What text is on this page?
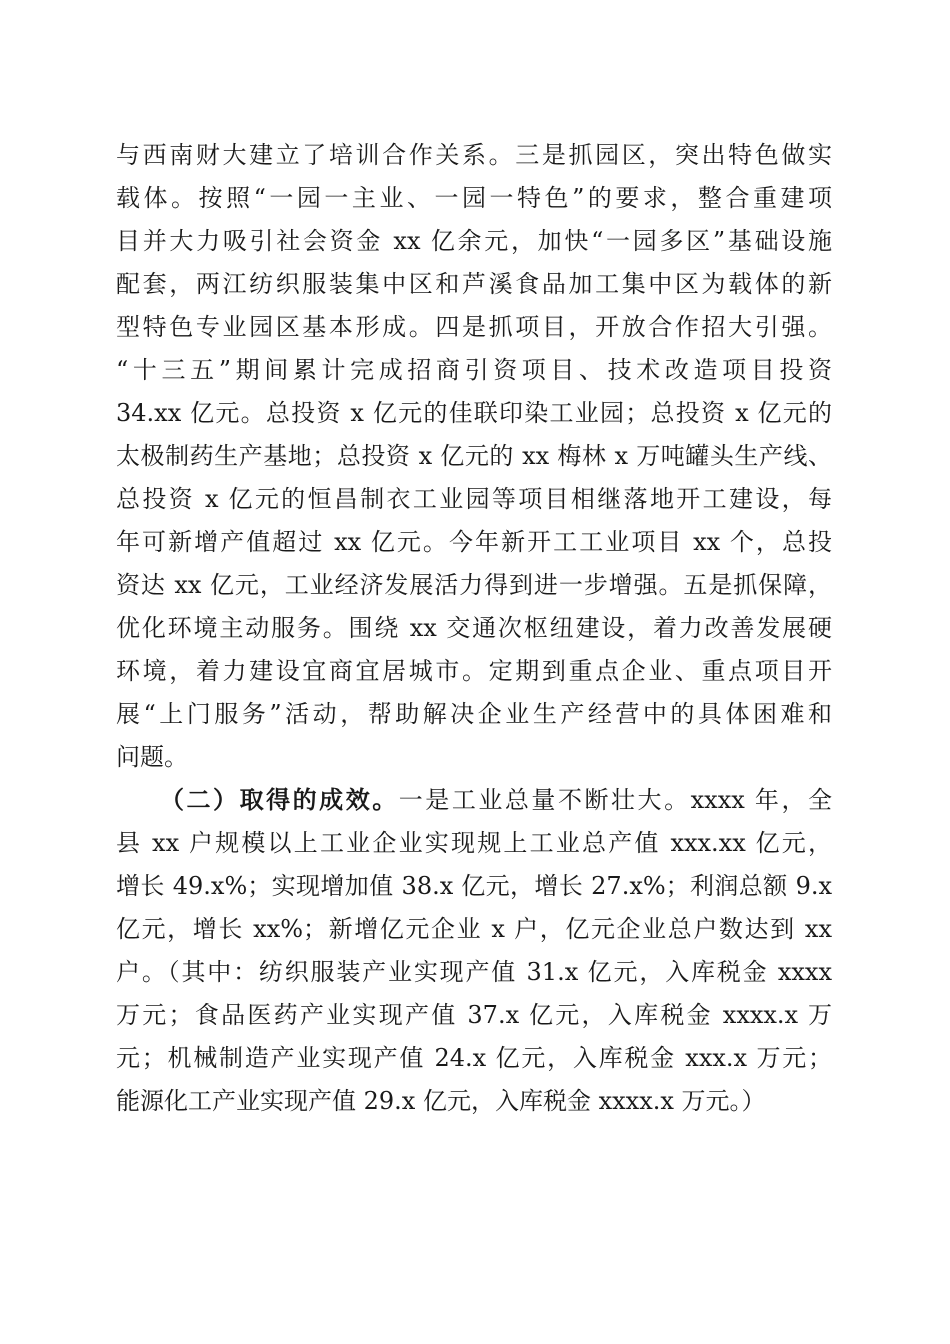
与西南财大建立了培训合作关系。三是抓园区，突出特色做实
载体。按照“一园一主业、一园一特色”的要求，整合重建项
目并大力吸引社会资金 xx 亿余元，加快“一园多区”基础设施
配套，两江纺织服装集中区和芦溪食品加工集中区为载体的新
型特色专业园区基本形成。四是抓项目，开放合作招大引强。
“十三五”期间累计完成招商引资项目、技术改造项目投资
34.xx 亿元。总投资 x 亿元的佳联印染工业园；总投资 x 亿元的
太极制药生产基地；总投资 x 亿元的 xx 梅林 x 万吨罐头生产线、
总投资 x 亿元的恒昌制衣工业园等项目相继落地开工建设，每
年可新增产值超过 xx 亿元。今年新开工工业项目 xx 个，总投
资达 xx 亿元，工业经济发展活力得到进一步增强。五是抓保障，
优化环境主动服务。围绕 xx 交通次枢纽建设，着力改善发展硬
环境，着力建设宜商宜居城市。定期到重点企业、重点项目开
展“上门服务”活动，帮助解决企业生产经营中的具体困难和
问题。
（二）取得的成效。一是工业总量不断壮大。xxxx 年，全
县 xx 户规模以上工业企业实现规上工业总产值 xxx.xx 亿元，
增长 49.x%；实现增加值 38.x 亿元，增长 27.x%；利润总额 9.x
亿元，增长 xx%；新增亿元企业 x 户，亿元企业总户数达到 xx
户。（其中：纺织服装产业实现产值 31.x 亿元，入库税金 xxxx
万元；食品医药产业实现产值 37.x 亿元，入库税金 xxxx.x 万
元；机械制造产业实现产值 24.x 亿元，入库税金 xxx.x 万元；
能源化工产业实现产值 29.x 亿元，入库税金 xxxx.x 万元。）
